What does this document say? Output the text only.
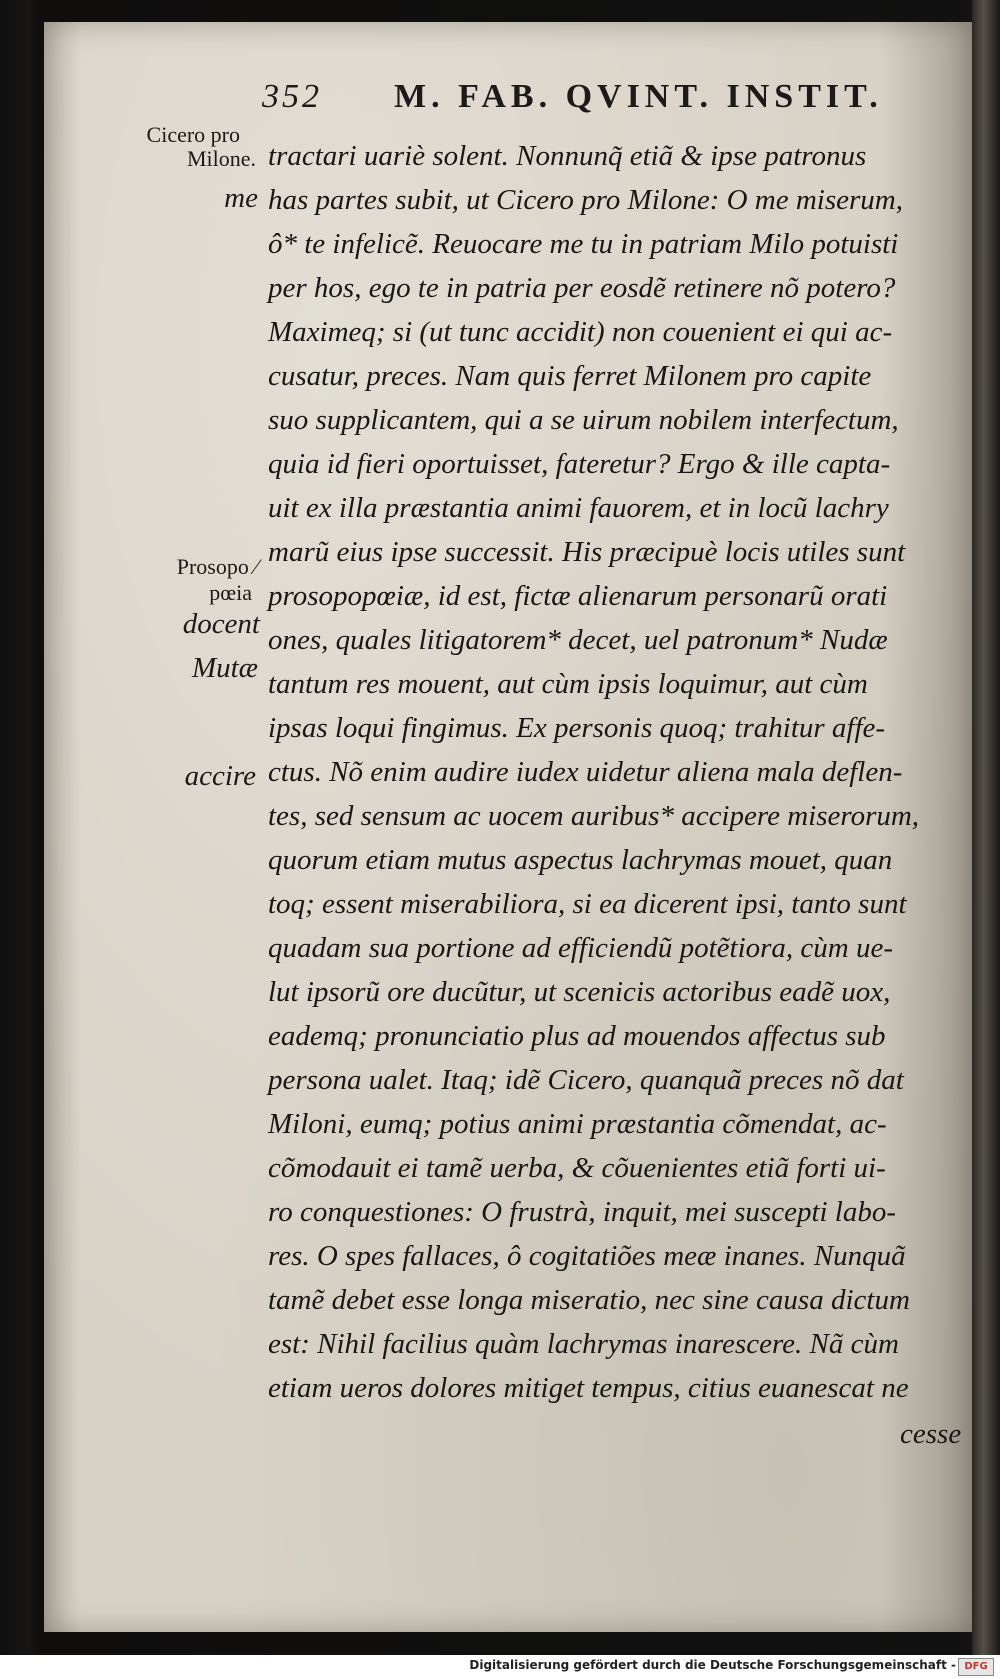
352 M. FAB. QVINT. INSTIT.
Cicero pro
Milone.
me
Prosopo ⁄
pœia
docent
Mutæ
accire
tractari uariè solent. Nonnunq̃ etiã & ipse patronus
has partes subit, ut Cicero pro Milone: O me miserum,
ô* te infelicẽ. Reuocare me tu in patriam Milo potuisti
per hos, ego te in patria per eosdẽ retinere nõ potero?
Maximeq; si (ut tunc accidit) non couenient ei qui ac-
cusatur, preces. Nam quis ferret Milonem pro capite
suo supplicantem, qui a se uirum nobilem interfectum,
quia id fieri oportuisset, fateretur? Ergo & ille capta-
uit ex illa præstantia animi fauorem, et in locũ lachry
marũ eius ipse successit. His præcipuè locis utiles sunt
prosopopœiæ, id est, fictæ alienarum personarũ orati
ones, quales litigatorem* decet, uel patronum* Nudæ
tantum res mouent, aut cùm ipsis loquimur, aut cùm
ipsas loqui fingimus. Ex personis quoq; trahitur affe-
ctus. Nõ enim audire iudex uidetur aliena mala deflen-
tes, sed sensum ac uocem auribus* accipere miserorum,
quorum etiam mutus aspectus lachrymas mouet, quan
toq; essent miserabiliora, si ea dicerent ipsi, tanto sunt
quadam sua portione ad efficiendũ potẽtiora, cùm ue-
lut ipsorũ ore ducũtur, ut scenicis actoribus eadẽ uox,
eademq; pronunciatio plus ad mouendos affectus sub
persona ualet. Itaq; idẽ Cicero, quanquã preces nõ dat
Miloni, eumq; potius animi præstantia cõmendat, ac-
cõmodauit ei tamẽ uerba, & cõuenientes etiã forti ui-
ro conquestiones: O frustrà, inquit, mei suscepti labo-
res. O spes fallaces, ô cogitatiões meæ inanes. Nunquã
tamẽ debet esse longa miseratio, nec sine causa dictum
est: Nihil facilius quàm lachrymas inarescere. Nã cùm
etiam ueros dolores mitiget tempus, citius euanescat ne
cesse
Digitalisierung gefördert durch die Deutsche Forschungsgemeinschaft - DFG
